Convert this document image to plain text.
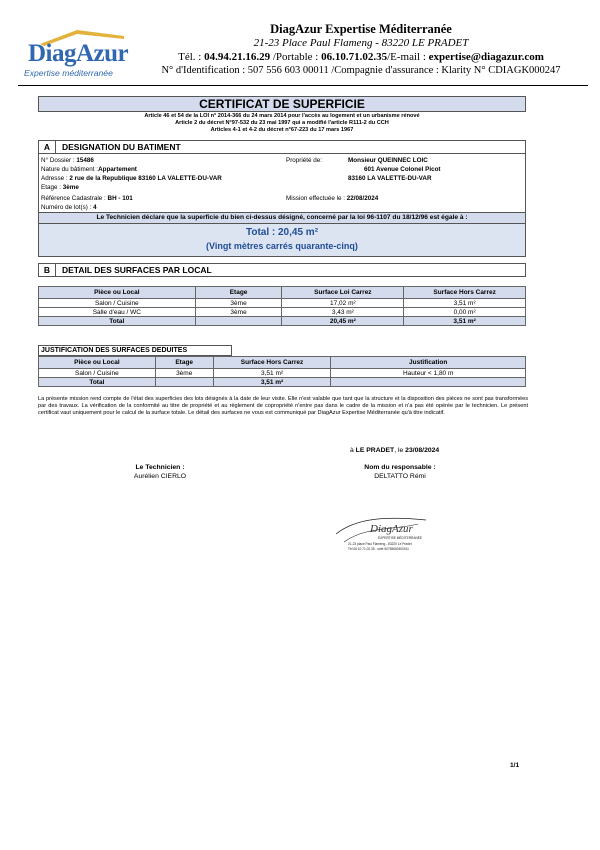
DiagAzur
Expertise méditerranée
DiagAzur Expertise Méditerranée
21-23 Place Paul Flameng - 83220 LE PRADET
Tél. : 04.94.21.16.29 /Portable : 06.10.71.02.35/E-mail : expertise@diagazur.com
N° d'Identification : 507 556 603 00011 /Compagnie d'assurance : Klarity N° CDIAGK000247
CERTIFICAT DE SUPERFICIE
Article 46 et 54 de la LOI n° 2014-366 du 24 mars 2014 pour l'accès au logement et un urbanisme rénové
Article 2 du décret N°97-532 du 23 mai 1997 qui a modifié l'article R111-2 du CCH
Articles 4-1 et 4-2 du décret n°67-223 du 17 mars 1967
A DESIGNATION DU BATIMENT
N° Dossier : 15486
Nature du bâtiment :Appartement
Adresse : 2 rue de la Republique 83160 LA VALETTE-DU-VAR
Etage : 3ème
Référence Cadastrale : BH - 101
Numéro de lot(s) : 4
Propriété de:	Monsieur QUEINNEC LOIC
601 Avenue Colonel Picot
83160 LA VALETTE-DU-VAR
Mission effectuée le : 22/08/2024
Le Technicien déclare que la superficie du bien ci-dessus désigné, concerné par la loi 96-1107 du 18/12/96 est égale à :
Total : 20,45 m²
(Vingt mètres carrés quarante-cinq)
B DETAIL DES SURFACES PAR LOCAL
Pièce ou Local	Etage	Surface Loi Carrez	Surface Hors Carrez
Salon / Cuisine	3ème	17,02 m²	3,51 m²
Salle d'eau / WC	3ème	3,43 m²	0,00 m²
Total		20,45 m²	3,51 m²
JUSTIFICATION DES SURFACES DEDUITES
Pièce ou Local	Etage	Surface Hors Carrez	Justification
Salon / Cuisine	3ème	3,51 m²	Hauteur < 1,80 m
Total		3,51 m²	
La présente mission rend compte de l'état des superficies des lots désignés à la date de leur visite. Elle n'est valable que tant que la structure et la disposition des pièces ne sont pas transformées par des travaux. La vérification de la conformité au titre de propriété et au règlement de copropriété n'entre pas dans le cadre de la mission et n'a pas été opérée par le technicien. Le présent certificat vaut uniquement pour le calcul de la surface totale. Le détail des surfaces ne vous est communiqué par DiagAzur Expertise Méditerranée qu'à titre indicatif.
à LE PRADET, le 23/08/2024
Le Technicien :
Aurélien CIERLO
Nom du responsable :
DELTATTO Rémi
DiagAzur
EXPERTISE MÉDITERRANÉE
21-23 place Paul Flameng - 83220 Le Pradet
Tél 06.10.71.02.35 - siret 50755660300011
1/1
